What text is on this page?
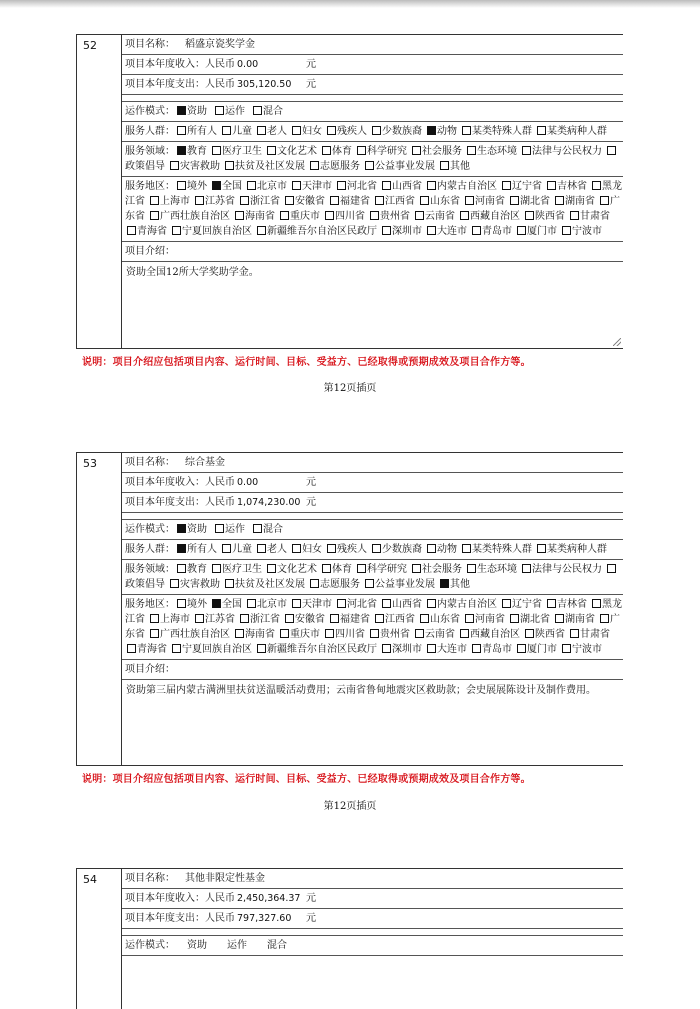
52	项目名称： 稻盛京瓷奖学金
项目本年度收入：人民币 0.00	元
项目本年度支出：人民币 305,120.50 元
运作模式： 资助 运作 混合
服务人群： 所有人 儿童 老人 妇女 残疾人 少数族裔 动物 某类特殊人群 某类病种人群
服务领域： 教育 医疗卫生 文化艺术 体育 科学研究 社会服务 生态环境 法律与公民权力政策倡导 灾害救助 扶贫及社区发展 志愿服务 公益事业发展 其他
服务地区： 境外 全国 北京市 天津市 河北省 山西省 内蒙古自治区 辽宁省 吉林省 黑龙江省 上海市 江苏省 浙江省 安徽省 福建省 江西省 山东省 河南省 湖北省 湖南省 广东省 广西壮族自治区 海南省 重庆市 四川省 贵州省 云南省 西藏自治区 陕西省 甘肃省青海省 宁夏回族自治区 新疆维吾尔自治区民政厅 深圳市 大连市 青岛市 厦门市 宁波市
项目介绍：
资助全国12所大学奖助学金。
说明：项目介绍应包括项目内容、运行时间、目标、受益方、已经取得或预期成效及项目合作方等。
第12页插页
53	项目名称： 综合基金
项目本年度收入：人民币 0.00	元
项目本年度支出：人民币 1,074,230.00 元
运作模式： 资助 运作 混合
服务人群： 所有人 儿童 老人 妇女 残疾人 少数族裔 动物 某类特殊人群 某类病种人群
服务领域： 教育 医疗卫生 文化艺术 体育 科学研究 社会服务 生态环境 法律与公民权力政策倡导 灾害救助 扶贫及社区发展 志愿服务 公益事业发展 其他
服务地区： 境外 全国 北京市 天津市 河北省 山西省 内蒙古自治区 辽宁省 吉林省 黑龙江省 上海市 江苏省 浙江省 安徽省 福建省 江西省 山东省 河南省 湖北省 湖南省 广东省 广西壮族自治区 海南省 重庆市 四川省 贵州省 云南省 西藏自治区 陕西省 甘肃省青海省 宁夏回族自治区 新疆维吾尔自治区民政厅 深圳市 大连市 青岛市 厦门市 宁波市
项目介绍：
资助第三届内蒙古满洲里扶贫送温暖活动费用；云南省鲁甸地震灾区救助款；会史展展陈设计及制作费用。
说明：项目介绍应包括项目内容、运行时间、目标、受益方、已经取得或预期成效及项目合作方等。
第12页插页
54	项目名称： 其他非限定性基金
项目本年度收入：人民币 2,450,364.37 元
项目本年度支出：人民币 797,327.60 元
运作模式： 资助 运作 混合
